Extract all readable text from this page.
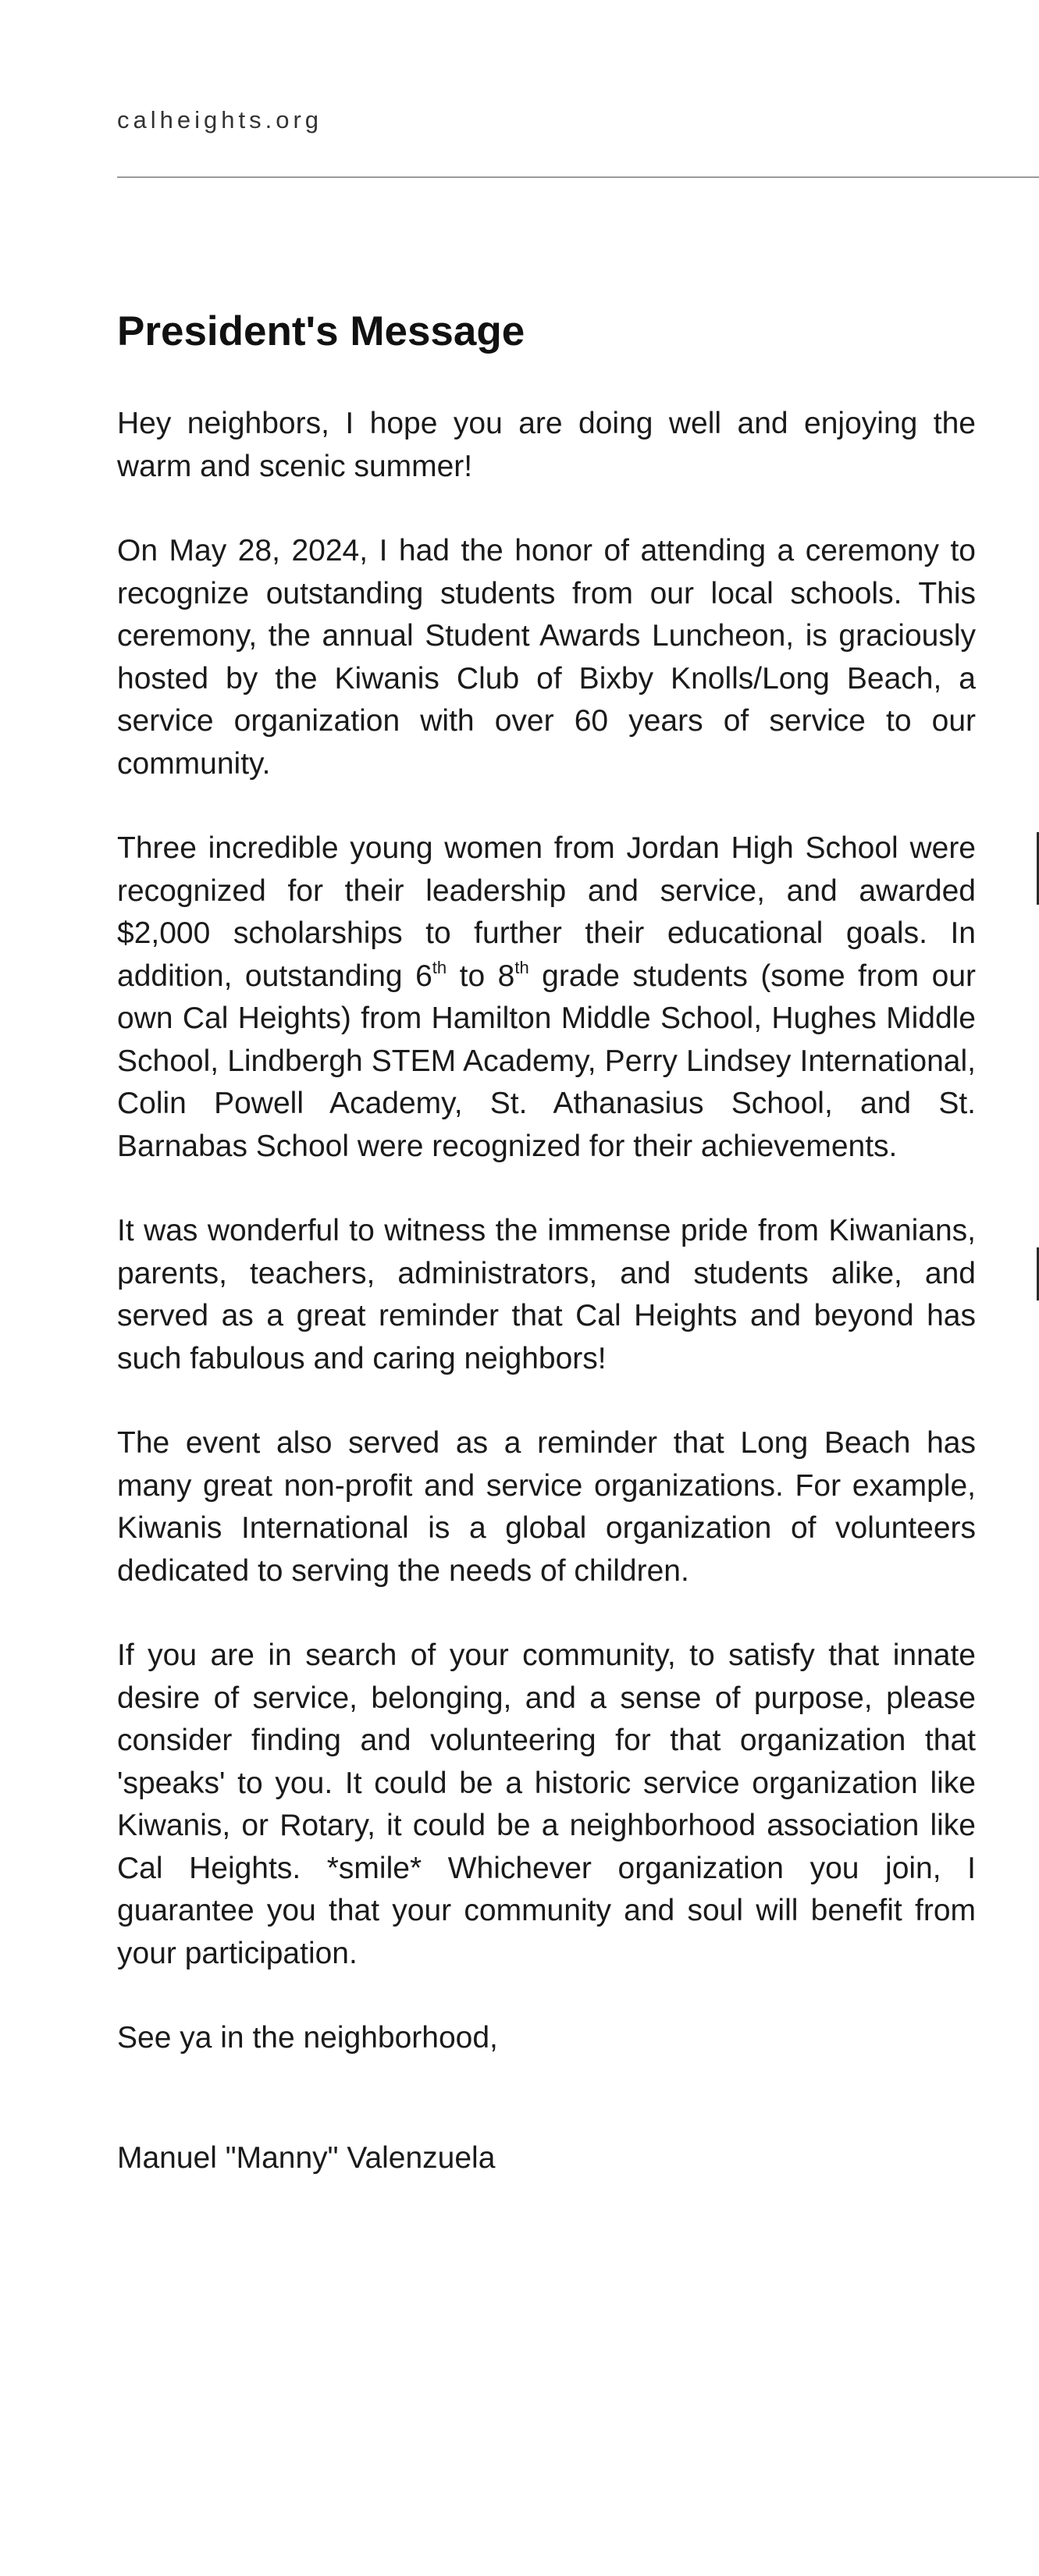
calheights.org
President's Message

Hey neighbors, I hope you are doing well and enjoying the warm and scenic summer!

On May 28, 2024, I had the honor of attending a ceremony to recognize outstanding students from our local schools. This ceremony, the annual Student Awards Luncheon, is graciously hosted by the Kiwanis Club of Bixby Knolls/Long Beach, a service organization with over 60 years of service to our community.

Three incredible young women from Jordan High School were recognized for their leadership and service, and awarded $2,000 scholarships to further their educational goals. In addition, outstanding 6th to 8th grade students (some from our own Cal Heights) from Hamilton Middle School, Hughes Middle School, Lindbergh STEM Academy, Perry Lindsey International, Colin Powell Academy, St. Athanasius School, and St. Barnabas School were recognized for their achievements.

It was wonderful to witness the immense pride from Kiwanians, parents, teachers, administrators, and students alike, and served as a great reminder that Cal Heights and beyond has such fabulous and caring neighbors!

The event also served as a reminder that Long Beach has many great non-profit and service organizations. For example, Kiwanis International is a global organization of volunteers dedicated to serving the needs of children.

If you are in search of your community, to satisfy that innate desire of service, belonging, and a sense of purpose, please consider finding and volunteering for that organization that 'speaks' to you. It could be a historic service organization like Kiwanis, or Rotary, it could be a neighborhood association like Cal Heights. *smile* Whichever organization you join, I guarantee you that your community and soul will benefit from your participation.

See ya in the neighborhood,

Manuel "Manny" Valenzuela
